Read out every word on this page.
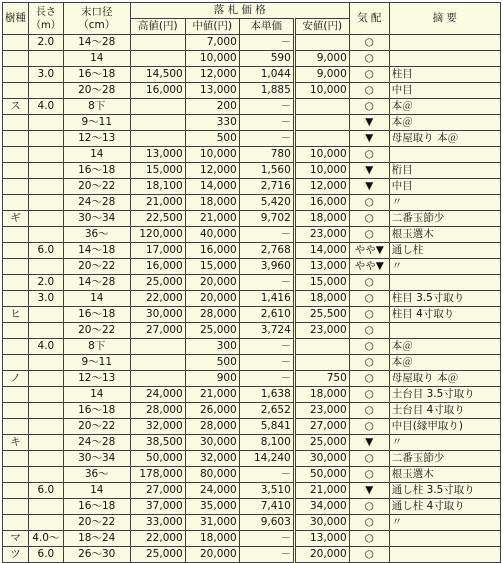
樹種	長さ
（m）	末口径
（cm）	落 札 価 格				気 配	摘 要
			高値(円)	中値(円)	本単価	安値(円)		
	2.0	14～28		7,000	－		○	
		14		10,000	590	9,000	○	
	3.0	16～18	14,500	12,000	1,044	9,000	○	柱目
		20～28	16,000	13,000	1,885	10,000	○	中目
ス	4.0	8下		200	－		○	本＠
		9～11		330	－		▼	本＠
		12～13		500	－		▼	母屋取り 本＠
		14	13,000	10,000	780	10,000	○	
		16～18	15,000	12,000	1,560	10,000	▼	桁目
		20～22	18,100	14,000	2,716	12,000	▼	中目
		24～28	21,000	18,000	5,420	16,000	○	〃
ギ		30～34	22,500	21,000	9,702	18,000	○	二番玉節少
		36～	120,000	40,000	－	23,000	○	根玉選木
	6.0	14～18	17,000	16,000	2,768	14,000	やや▼	通し柱
		20～22	16,000	15,000	3,960	13,000	やや▼	〃
	2.0	14～28	25,000	20,000	－	15,000	○	
	3.0	14	22,000	20,000	1,416	18,000	○	柱目 3.5寸取り
ヒ		16～18	30,000	28,000	2,610	25,500	○	柱目 4寸取り
		20～22	27,000	25,000	3,724	23,000	○	
	4.0	8下		300	－		○	本＠
		9～11		500	－		○	本＠
ノ		12～13		900	－	750	○	母屋取り 本＠
		14	24,000	21,000	1,638	18,000	○	土台目 3.5寸取り
		16～18	28,000	26,000	2,652	23,000	○	土台目 4寸取り
		20～22	32,000	28,000	5,841	27,000	○	中目(縁甲取り)
キ		24～28	38,500	30,000	8,100	25,000	▼	〃
		30～34	50,000	32,000	14,240	30,000	○	二番玉節少
		36～	178,000	80,000	－	50,000	○	根玉選木
	6.0	14	27,000	24,000	3,510	21,000	▼	通し柱 3.5寸取り
		16～18	37,000	35,000	7,410	34,000	○	通し柱 4寸取り
		20～22	33,000	31,000	9,603	30,000	○	〃
マ	4.0～	18～24	22,000	18,000	－	13,000	○	
ツ	6.0	26～30	25,000	20,000	－	20,000	○	
